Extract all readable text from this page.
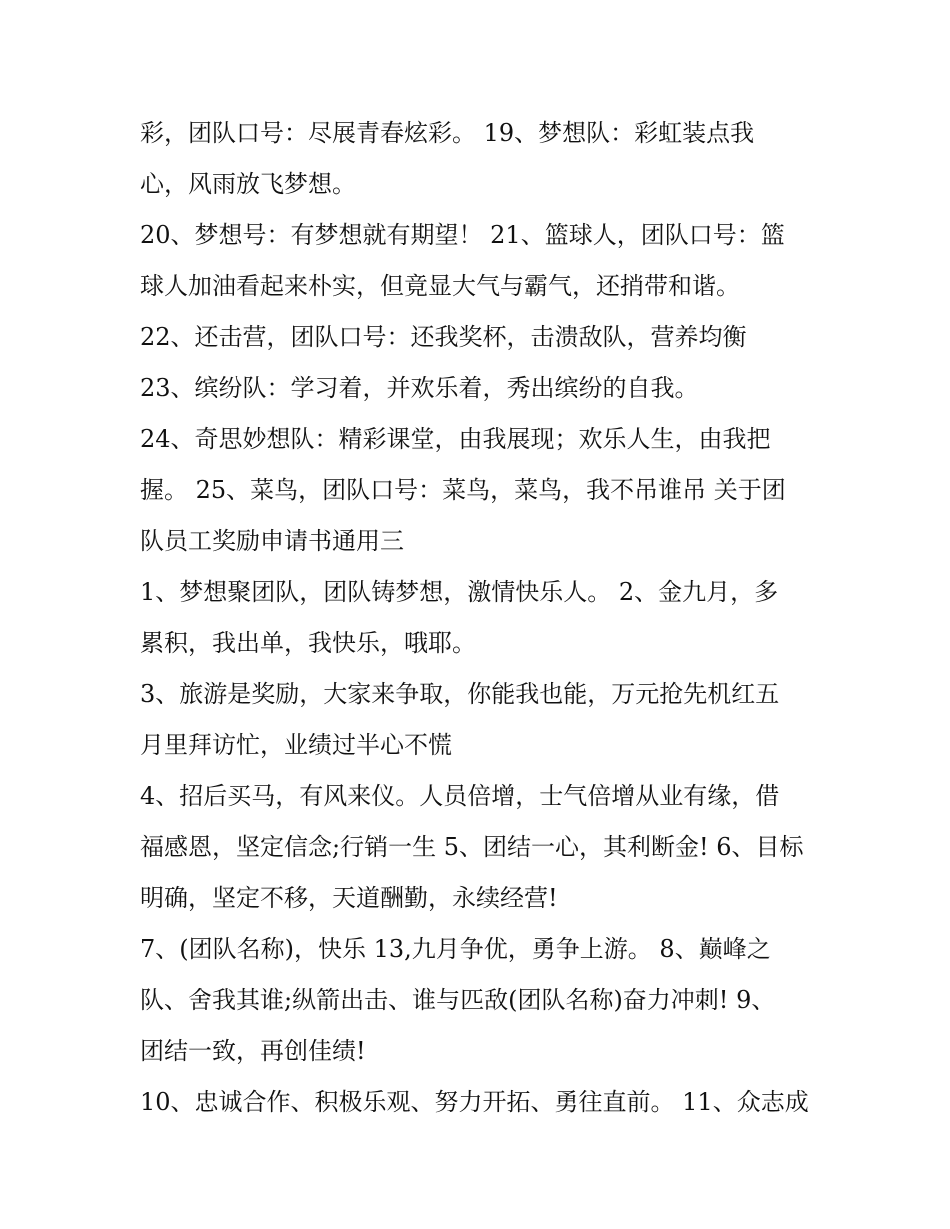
彩，团队口号：尽展青春炫彩。 19、梦想队：彩虹装点我
心，风雨放飞梦想。
20、梦想号：有梦想就有期望！ 21、篮球人，团队口号：篮
球人加油看起来朴实，但竟显大气与霸气，还捎带和谐。
22、还击营，团队口号：还我奖杯，击溃敌队，营养均衡
23、缤纷队：学习着，并欢乐着，秀出缤纷的自我。
24、奇思妙想队：精彩课堂，由我展现；欢乐人生，由我把
握。 25、菜鸟，团队口号：菜鸟，菜鸟，我不吊谁吊 关于团
队员工奖励申请书通用三
1、梦想聚团队，团队铸梦想，激情快乐人。 2、金九月，多
累积，我出单，我快乐，哦耶。
3、旅游是奖励，大家来争取，你能我也能，万元抢先机红五
月里拜访忙，业绩过半心不慌
4、招后买马，有风来仪。人员倍增，士气倍增从业有缘，借
福感恩，坚定信念;行销一生 5、团结一心，其利断金! 6、目标
明确，坚定不移，天道酬勤，永续经营!
7、(团队名称)，快乐 13,九月争优，勇争上游。 8、巅峰之
队、舍我其谁;纵箭出击、谁与匹敌(团队名称)奋力冲刺! 9、
团结一致，再创佳绩!
10、忠诚合作、积极乐观、努力开拓、勇往直前。 11、众志成
